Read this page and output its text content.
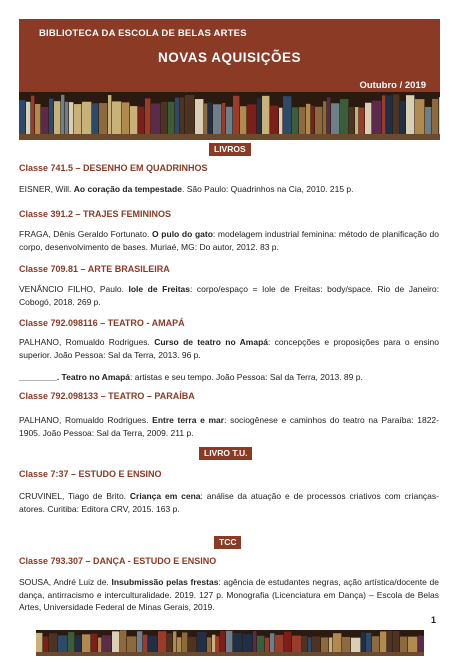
BIBLIOTECA DA ESCOLA DE BELAS ARTES
NOVAS AQUISIÇÕES
Outubro / 2019
LIVROS
Classe 741.5 – DESENHO EM QUADRINHOS
EISNER, Will. Ao coração da tempestade. São Paulo: Quadrinhos na Cia, 2010. 215 p.
Classe 391.2 – TRAJES FEMININOS
FRAGA, Dênis Geraldo Fortunato. O pulo do gato: modelagem industrial feminina: método de planificação do corpo, desenvolvimento de bases. Muriaé, MG: Do autor, 2012. 83 p.
Classe 709.81 – ARTE BRASILEIRA
VENÂNCIO FILHO, Paulo. Iole de Freitas: corpo/espaço = Iole de Freitas: body/space. Rio de Janeiro: Cobogó, 2018. 269 p.
Classe 792.098116 – TEATRO - AMAPÁ
PALHANO, Romualdo Rodrigues. Curso de teatro no Amapá: concepções e proposições para o ensino superior. João Pessoa: Sal da Terra, 2013. 96 p.
________. Teatro no Amapá: artistas e seu tempo. João Pessoa: Sal da Terra, 2013. 89 p.
Classe 792.098133 – TEATRO – PARAÍBA
PALHANO, Romualdo Rodrigues. Entre terra e mar: sociogênese e caminhos do teatro na Paraíba: 1822-1905. João Pessoa: Sal da Terra, 2009. 211 p.
LIVRO T.U.
Classe 7:37 – ESTUDO E ENSINO
CRUVINEL, Tiago de Brito. Criança em cena: análise da atuação e de processos criativos com crianças-atores. Curitiba: Editora CRV, 2015. 163 p.
TCC
Classe 793.307 – DANÇA - ESTUDO E ENSINO
SOUSA, André Luiz de. Insubmissão pelas frestas: agência de estudantes negras, ação artística/docente de dança, antirracismo e interculturalidade. 2019. 127 p. Monografia (Licenciatura em Dança) – Escola de Belas Artes, Universidade Federal de Minas Gerais, 2019.
1
